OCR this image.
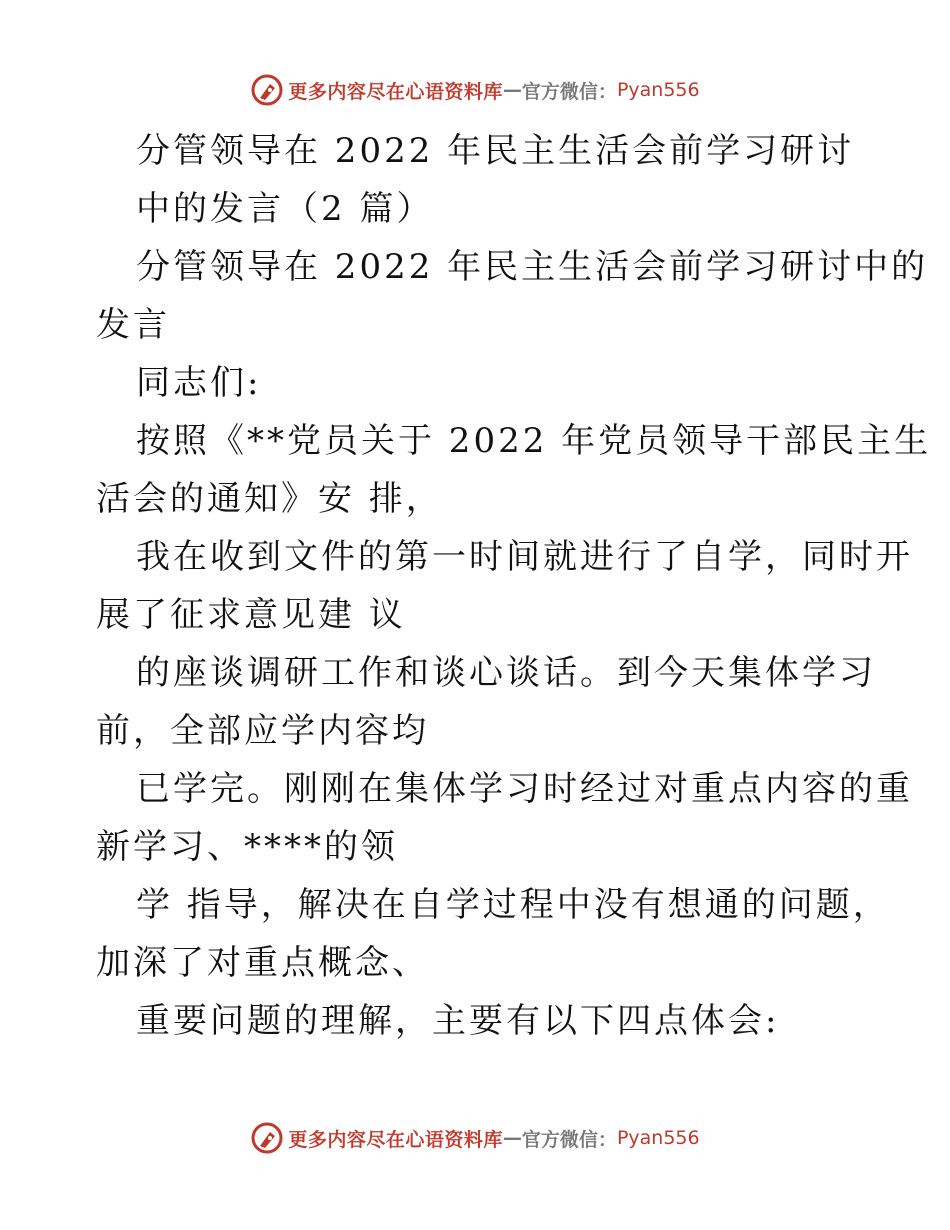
更多内容尽在心语资料库 — 官方微信： Pyan556
分管领导在 2022 年民主生活会前学习研讨
中的发言（2 篇）
分管领导在 2022 年民主生活会前学习研讨中的
发言
同志们:
按照《**党员关于 2022 年党员领导干部民主生
活会的通知》安 排，
我在收到文件的第一时间就进行了自学，同时开
展了征求意见建 议
的座谈调研工作和谈心谈话。到今天集体学习
前，全部应学内容均
已学完。刚刚在集体学习时经过对重点内容的重
新学习、****的领
学 指导，解决在自学过程中没有想通的问题，
加深了对重点概念、
重要问题的理解，主要有以下四点体会:
更多内容尽在心语资料库 — 官方微信： Pyan556
